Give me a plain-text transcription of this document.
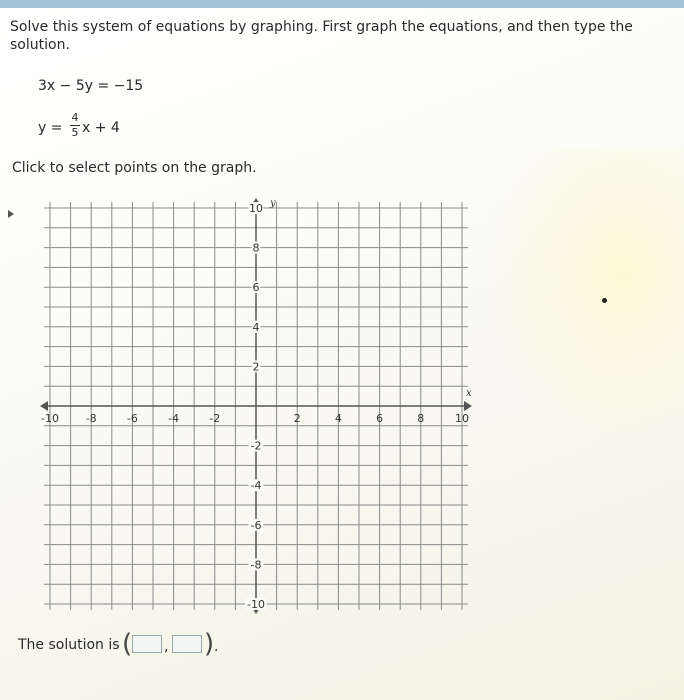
Solve this system of equations by graphing. First graph the equations, and then type the solution.

3x − 5y = −15
y =
4
5 x + 4
Click to select points on the graph.
x
y
-10 -8	-6	-4	-2	2	4	6	8	10
10
8
6
4
2
-2
-4
-6
-8
-10
The solution is ( , ) .
